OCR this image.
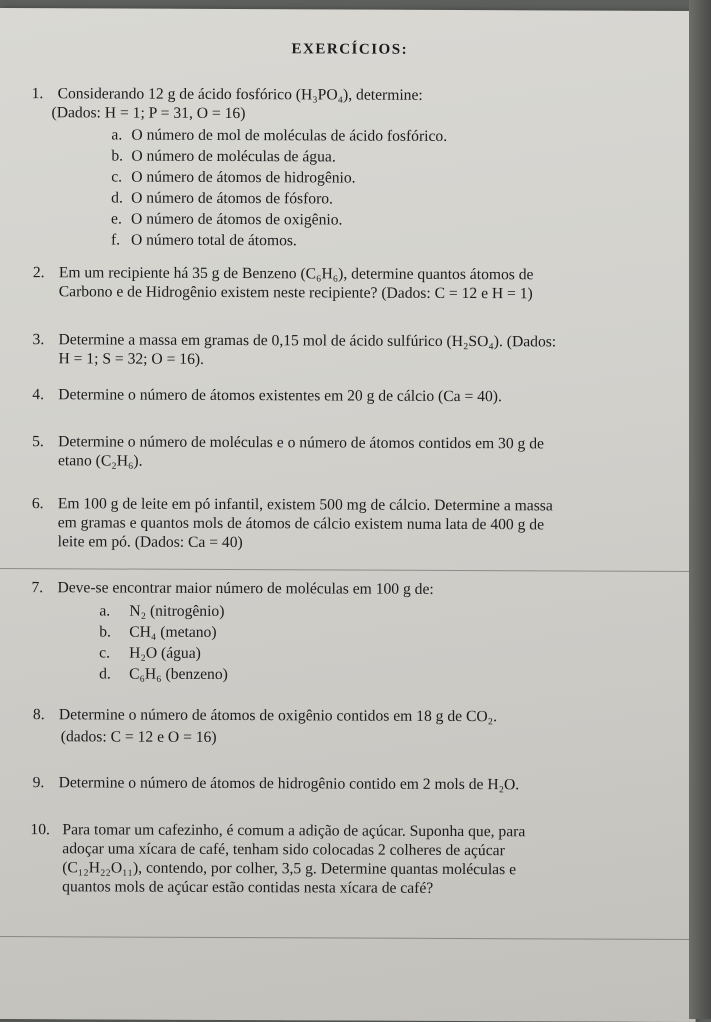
EXERCÍCIOS:
1. Considerando 12 g de ácido fosfórico (H₃PO₄), determine:
(Dados: H = 1; P = 31, O = 16)
a. O número de mol de moléculas de ácido fosfórico.
b. O número de moléculas de água.
c. O número de átomos de hidrogênio.
d. O número de átomos de fósforo.
e. O número de átomos de oxigênio.
f. O número total de átomos.
2. Em um recipiente há 35 g de Benzeno (C₆H₆), determine quantos átomos de
Carbono e de Hidrogênio existem neste recipiente? (Dados: C = 12 e H = 1)
3. Determine a massa em gramas de 0,15 mol de ácido sulfúrico (H₂SO₄). (Dados:
H = 1; S = 32; O = 16).
4. Determine o número de átomos existentes em 20 g de cálcio (Ca = 40).
5. Determine o número de moléculas e o número de átomos contidos em 30 g de
etano (C₂H₆).
6. Em 100 g de leite em pó infantil, existem 500 mg de cálcio. Determine a massa
em gramas e quantos mols de átomos de cálcio existem numa lata de 400 g de
leite em pó. (Dados: Ca = 40)
7. Deve-se encontrar maior número de moléculas em 100 g de:
a. N₂ (nitrogênio)
b. CH₄ (metano)
c. H₂O (água)
d. C₆H₆ (benzeno)
8. Determine o número de átomos de oxigênio contidos em 18 g de CO₂.
(dados: C = 12 e O = 16)
9. Determine o número de átomos de hidrogênio contido em 2 mols de H₂O.
10. Para tomar um cafezinho, é comum a adição de açúcar. Suponha que, para
adoçar uma xícara de café, tenham sido colocadas 2 colheres de açúcar
(C₁₂H₂₂O₁₁), contendo, por colher, 3,5 g. Determine quantas moléculas e
quantos mols de açúcar estão contidas nesta xícara de café?
